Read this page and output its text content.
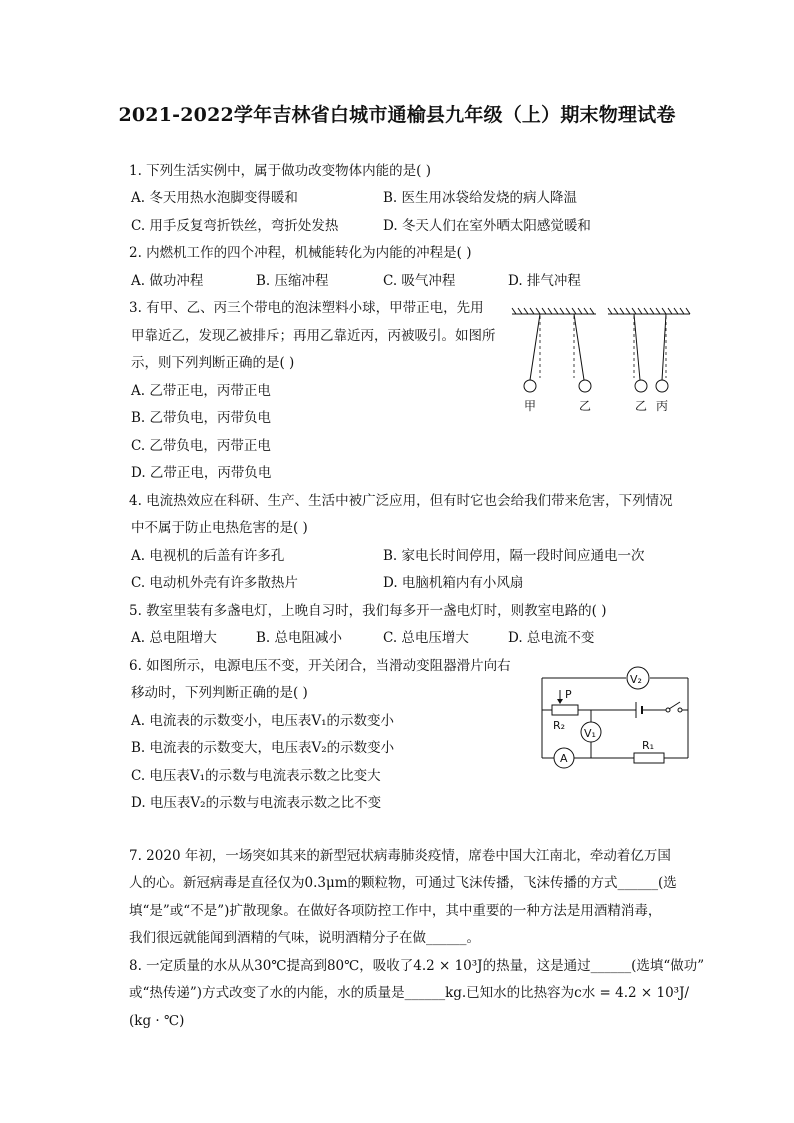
2021-2022学年吉林省白城市通榆县九年级（上）期末物理试卷
1. 下列生活实例中，属于做功改变物体内能的是( )
A. 冬天用热水泡脚变得暖和	B. 医生用冰袋给发烧的病人降温
C. 用手反复弯折铁丝，弯折处发热	D. 冬天人们在室外晒太阳感觉暖和
2. 内燃机工作的四个冲程，机械能转化为内能的冲程是( )
A. 做功冲程	B. 压缩冲程	C. 吸气冲程	D. 排气冲程
3. 有甲、乙、丙三个带电的泡沫塑料小球，甲带正电，先用
甲靠近乙，发现乙被排斥；再用乙靠近丙，丙被吸引。如图所
示，则下列判断正确的是( )
A. 乙带正电，丙带正电
B. 乙带负电，丙带负电
C. 乙带负电，丙带正电
D. 乙带正电，丙带负电
甲	乙	乙 丙
4. 电流热效应在科研、生产、生活中被广泛应用，但有时它也会给我们带来危害，下列情况
中不属于防止电热危害的是( )
A. 电视机的后盖有许多孔	B. 家电长时间停用，隔一段时间应通电一次
C. 电动机外壳有许多散热片	D. 电脑机箱内有小风扇
5. 教室里装有多盏电灯，上晚自习时，我们每多开一盏电灯时，则教室电路的( )
A. 总电阻增大	B. 总电阻减小	C. 总电压增大	D. 总电流不变
6. 如图所示，电源电压不变，开关闭合，当滑动变阻器滑片向右
移动时，下列判断正确的是( )
A. 电流表的示数变小，电压表V₁的示数变小
B. 电流表的示数变大，电压表V₂的示数变小
C. 电压表V₁的示数与电流表示数之比变大
D. 电压表V₂的示数与电流表示数之比不变
V₂
P
R₂
V₁
A
R₁
7. 2020 年初，一场突如其来的新型冠状病毒肺炎疫情，席卷中国大江南北，牵动着亿万国
人的心。新冠病毒是直径仅为0.3μm的颗粒物，可通过飞沫传播，飞沫传播的方式______(选
填“是”或“不是”)扩散现象。在做好各项防控工作中，其中重要的一种方法是用酒精消毒，
我们很远就能闻到酒精的气味，说明酒精分子在做______。
8. 一定质量的水从从30℃提高到80℃，吸收了4.2 × 10³J的热量，这是通过______(选填“做功”
或“热传递”)方式改变了水的内能，水的质量是______kg.已知水的比热容为c水 = 4.2 × 10³J/
(kg · ℃)
